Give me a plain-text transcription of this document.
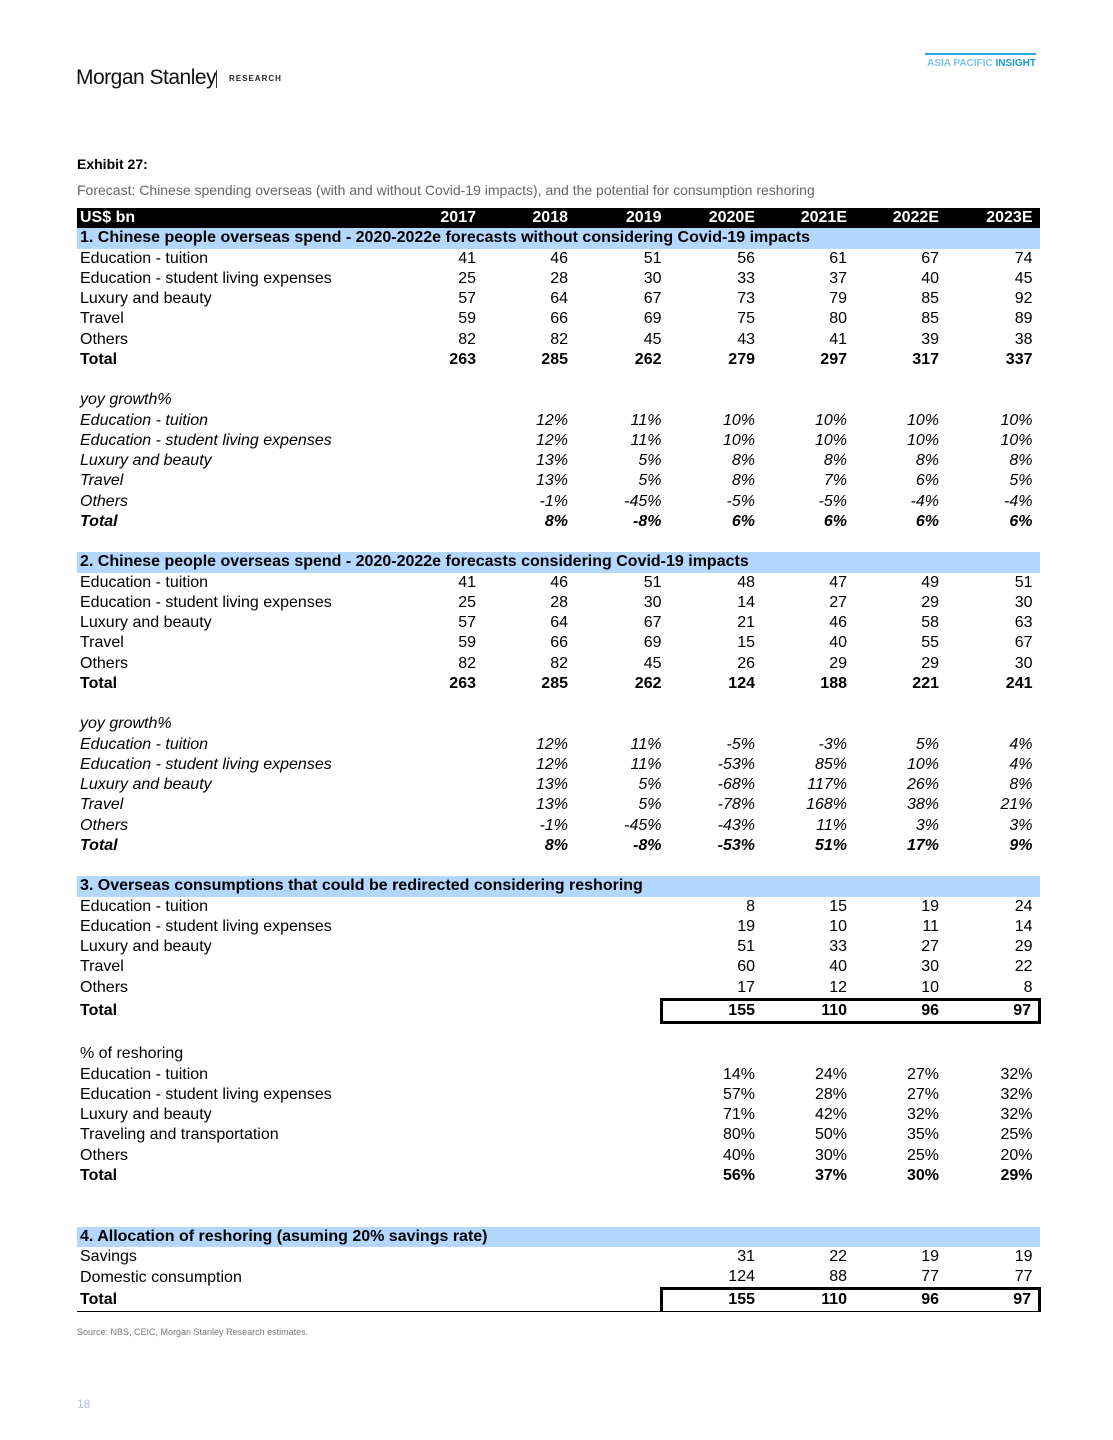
Morgan Stanley RESEARCH
ASIA PACIFIC INSIGHT
Exhibit 27:
Forecast: Chinese spending overseas (with and without Covid-19 impacts), and the potential for consumption reshoring
US$ bn	2017	2018	2019	2020E	2021E	2022E	2023E
1. Chinese people overseas spend - 2020-2022e forecasts without considering Covid-19 impacts							
Education - tuition	41	46	51	56	61	67	74
Education - student living expenses	25	28	30	33	37	40	45
Luxury and beauty	57	64	67	73	79	85	92
Travel	59	66	69	75	80	85	89
Others	82	82	45	43	41	39	38
Total	263	285	262	279	297	317	337

yoy growth%							
Education - tuition		12%	11%	10%	10%	10%	10%
Education - student living expenses		12%	11%	10%	10%	10%	10%
Luxury and beauty		13%	5%	8%	8%	8%	8%
Travel		13%	5%	8%	7%	6%	5%
Others		-1%	-45%	-5%	-5%	-4%	-4%
Total		8%	-8%	6%	6%	6%	6%

2. Chinese people overseas spend - 2020-2022e forecasts considering Covid-19 impacts							
Education - tuition	41	46	51	48	47	49	51
Education - student living expenses	25	28	30	14	27	29	30
Luxury and beauty	57	64	67	21	46	58	63
Travel	59	66	69	15	40	55	67
Others	82	82	45	26	29	29	30
Total	263	285	262	124	188	221	241

yoy growth%							
Education - tuition		12%	11%	-5%	-3%	5%	4%
Education - student living expenses		12%	11%	-53%	85%	10%	4%
Luxury and beauty		13%	5%	-68%	117%	26%	8%
Travel		13%	5%	-78%	168%	38%	21%
Others		-1%	-45%	-43%	11%	3%	3%
Total		8%	-8%	-53%	51%	17%	9%

3. Overseas consumptions that could be redirected considering reshoring							
Education - tuition				8	15	19	24
Education - student living expenses				19	10	11	14
Luxury and beauty				51	33	27	29
Travel				60	40	30	22
Others				17	12	10	8
Total				155	110	96	97

% of reshoring							
Education - tuition				14%	24%	27%	32%
Education - student living expenses				57%	28%	27%	32%
Luxury and beauty				71%	42%	32%	32%
Traveling and transportation				80%	50%	35%	25%
Others				40%	30%	25%	20%
Total				56%	37%	30%	29%

4. Allocation of reshoring (asuming 20% savings rate)							
Savings				31	22	19	19
Domestic consumption				124	88	77	77
Total				155	110	96	97
Source: NBS, CEIC, Morgan Stanley Research estimates.
18
